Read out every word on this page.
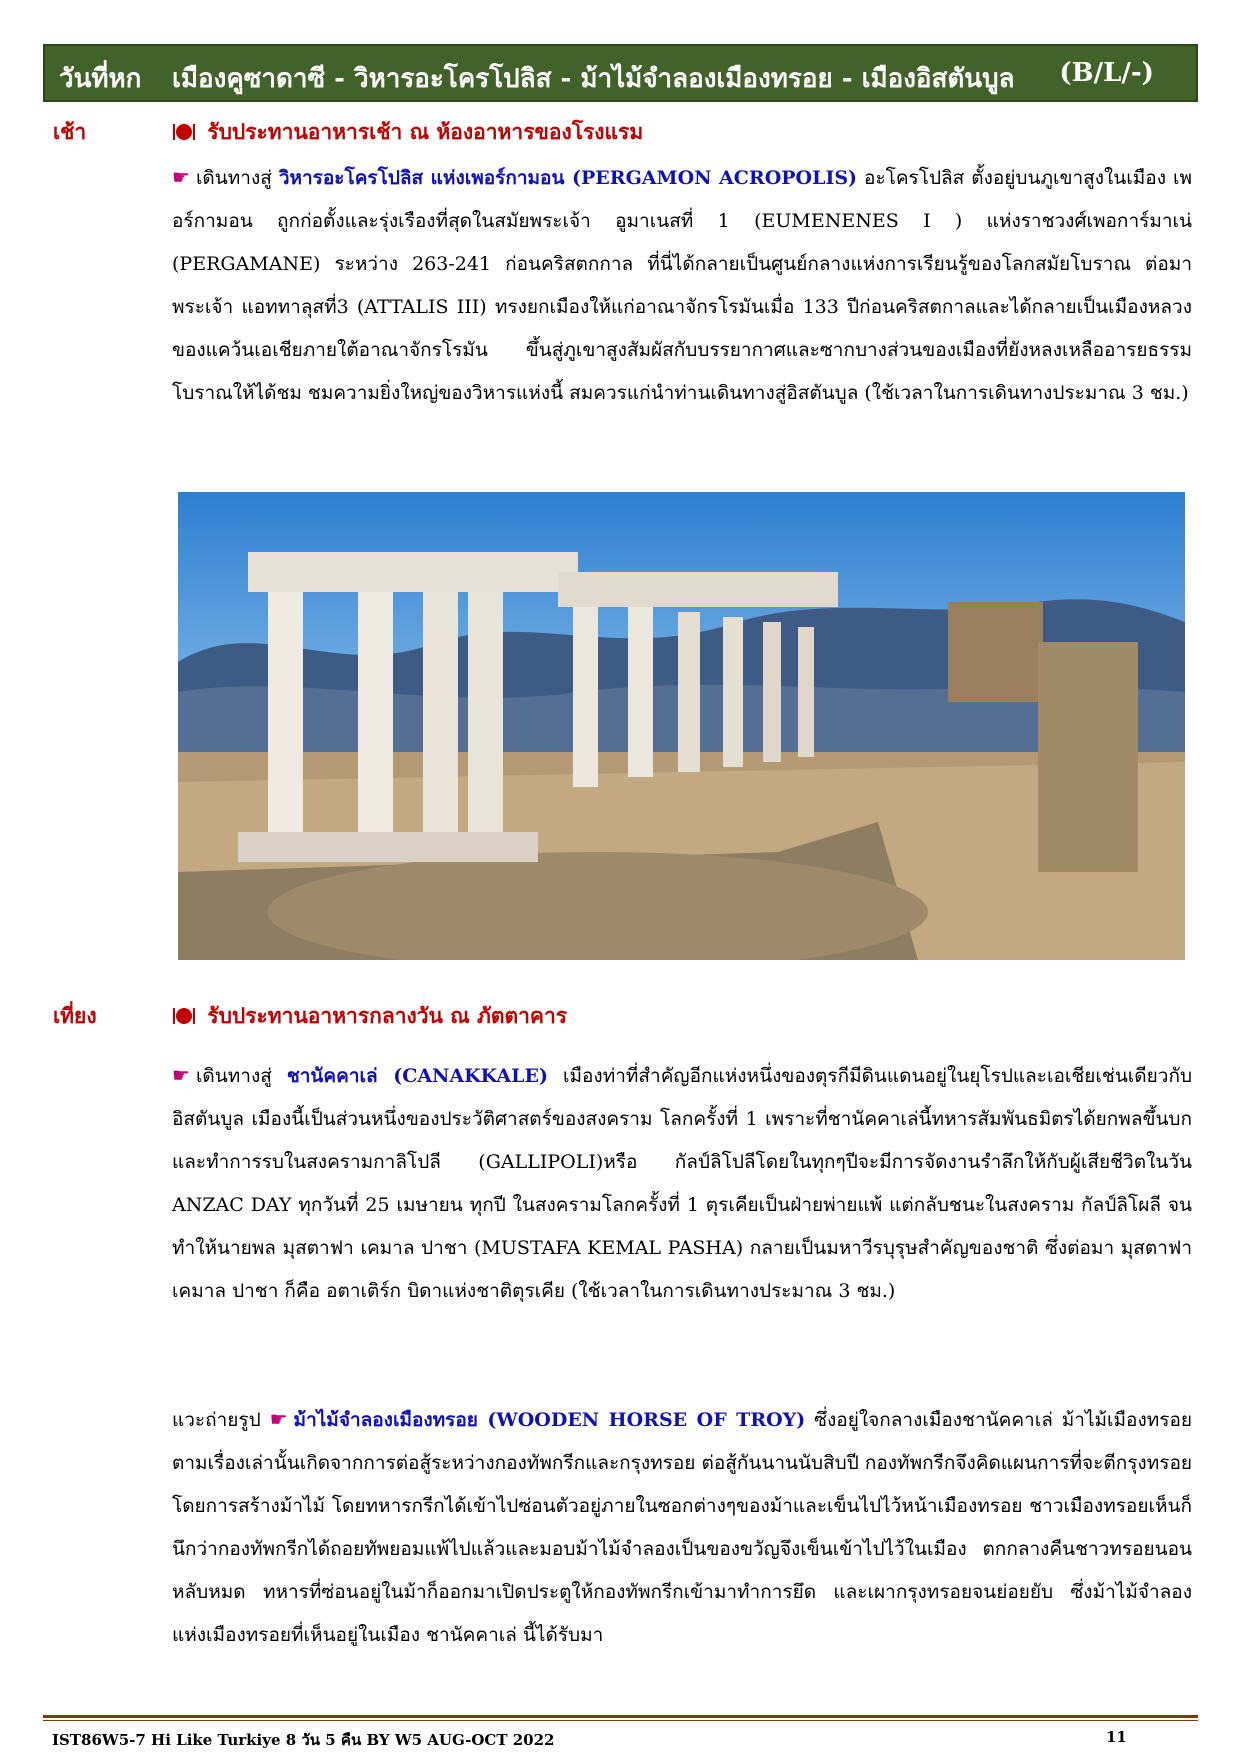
วันที่หก เมืองคูซาดาซี - วิหารอะโครโปลิส - ม้าไม้จำลองเมืองทรอย - เมืองอิสตันบูล (B/L/-)
เช้า	รับประทานอาหารเช้า ณ ห้องอาหารของโรงแรม
☛ เดินทางสู่ วิหารอะโครโปลิส แห่งเพอร์กามอน (PERGAMON ACROPOLIS) อะโครโปลิส ตั้งอยู่บนภูเขาสูงในเมือง เพอร์กามอน ถูกก่อตั้งและรุ่งเรืองที่สุดในสมัยพระเจ้า อูมาเนสที่ 1 (EUMENENES I ) แห่งราชวงศ์เพอการ์มาเน่ (PERGAMANE) ระหว่าง 263-241 ก่อนคริสตกกาล ที่นี่ได้กลายเป็นศูนย์กลางแห่งการเรียนรู้ของโลกสมัยโบราณ ต่อมาพระเจ้า แอททาลุสที่3 (ATTALIS III) ทรงยกเมืองให้แก่อาณาจักรโรมันเมื่อ 133 ปีก่อนคริสตกาลและได้กลายเป็นเมืองหลวงของแคว้นเอเชียภายใต้อาณาจักรโรมัน ขึ้นสู่ภูเขาสูงสัมผัสกับบรรยากาศและซากบางส่วนของเมืองที่ยังหลงเหลืออารยธรรมโบราณให้ได้ชม ชมความยิ่งใหญ่ของวิหารแห่งนี้ สมควรแก่นำท่านเดินทางสู่อิสตันบูล (ใช้เวลาในการเดินทางประมาณ 3 ชม.)
เที่ยง	รับประทานอาหารกลางวัน ณ ภัตตาคาร
☛ เดินทางสู่ ชานัคคาเล่ (CANAKKALE) เมืองท่าที่สำคัญอีกแห่งหนึ่งของตุรกีมีดินแดนอยู่ในยุโรปและเอเชียเช่นเดียวกับอิสตันบูล เมืองนี้เป็นส่วนหนึ่งของประวัติศาสตร์ของสงคราม โลกครั้งที่ 1 เพราะที่ชานัคคาเล่นี้ทหารสัมพันธมิตรได้ยกพลขึ้นบกและทำการรบในสงครามกาลิโปลี (GALLIPOLI)หรือ กัลป์ลิโปลีโดยในทุกๆปีจะมีการจัดงานรำลึกให้กับผู้เสียชีวิตในวัน ANZAC DAY ทุกวันที่ 25 เมษายน ทุกปี ในสงครามโลกครั้งที่ 1 ตุรเคียเป็นฝ่ายพ่ายแพ้ แต่กลับชนะในสงคราม กัลป์ลิโผลี จนทำให้นายพล มุสตาฟา เคมาล ปาชา (MUSTAFA KEMAL PASHA) กลายเป็นมหาวีรบุรุษสำคัญของชาติ ซึ่งต่อมา มุสตาฟา เคมาล ปาชา ก็คือ อตาเติร์ก บิดาแห่งชาติตุรเคีย (ใช้เวลาในการเดินทางประมาณ 3 ชม.)
แวะถ่ายรูป ☛ ม้าไม้จำลองเมืองทรอย (WOODEN HORSE OF TROY) ซึ่งอยู่ใจกลางเมืองชานัคคาเล่ ม้าไม้เมืองทรอยตามเรื่องเล่านั้นเกิดจากการต่อสู้ระหว่างกองทัพกรีกและกรุงทรอย ต่อสู้กันนานนับสิบปี กองทัพกรีกจึงคิดแผนการที่จะตีกรุงทรอยโดยการสร้างม้าไม้ โดยทหารกรีกได้เข้าไปซ่อนตัวอยู่ภายในซอกต่างๆของม้าและเข็นไปไว้หน้าเมืองทรอย ชาวเมืองทรอยเห็นก็นึกว่ากองทัพกรีกได้ถอยทัพยอมแพ้ไปแล้วและมอบม้าไม้จำลองเป็นของขวัญจึงเข็นเข้าไปไว้ในเมือง ตกกลางคืนชาวทรอยนอนหลับหมด ทหารที่ซ่อนอยู่ในม้าก็ออกมาเปิดประตูให้กองทัพกรีกเข้ามาทำการยึด และเผากรุงทรอยจนย่อยยับ ซึ่งม้าไม้จำลองแห่งเมืองทรอยที่เห็นอยู่ในเมือง ชานัคคาเล่ นี้ได้รับมา
IST86W5-7 Hi Like Turkiye 8 วัน 5 คืน BY W5 AUG-OCT 2022	11
